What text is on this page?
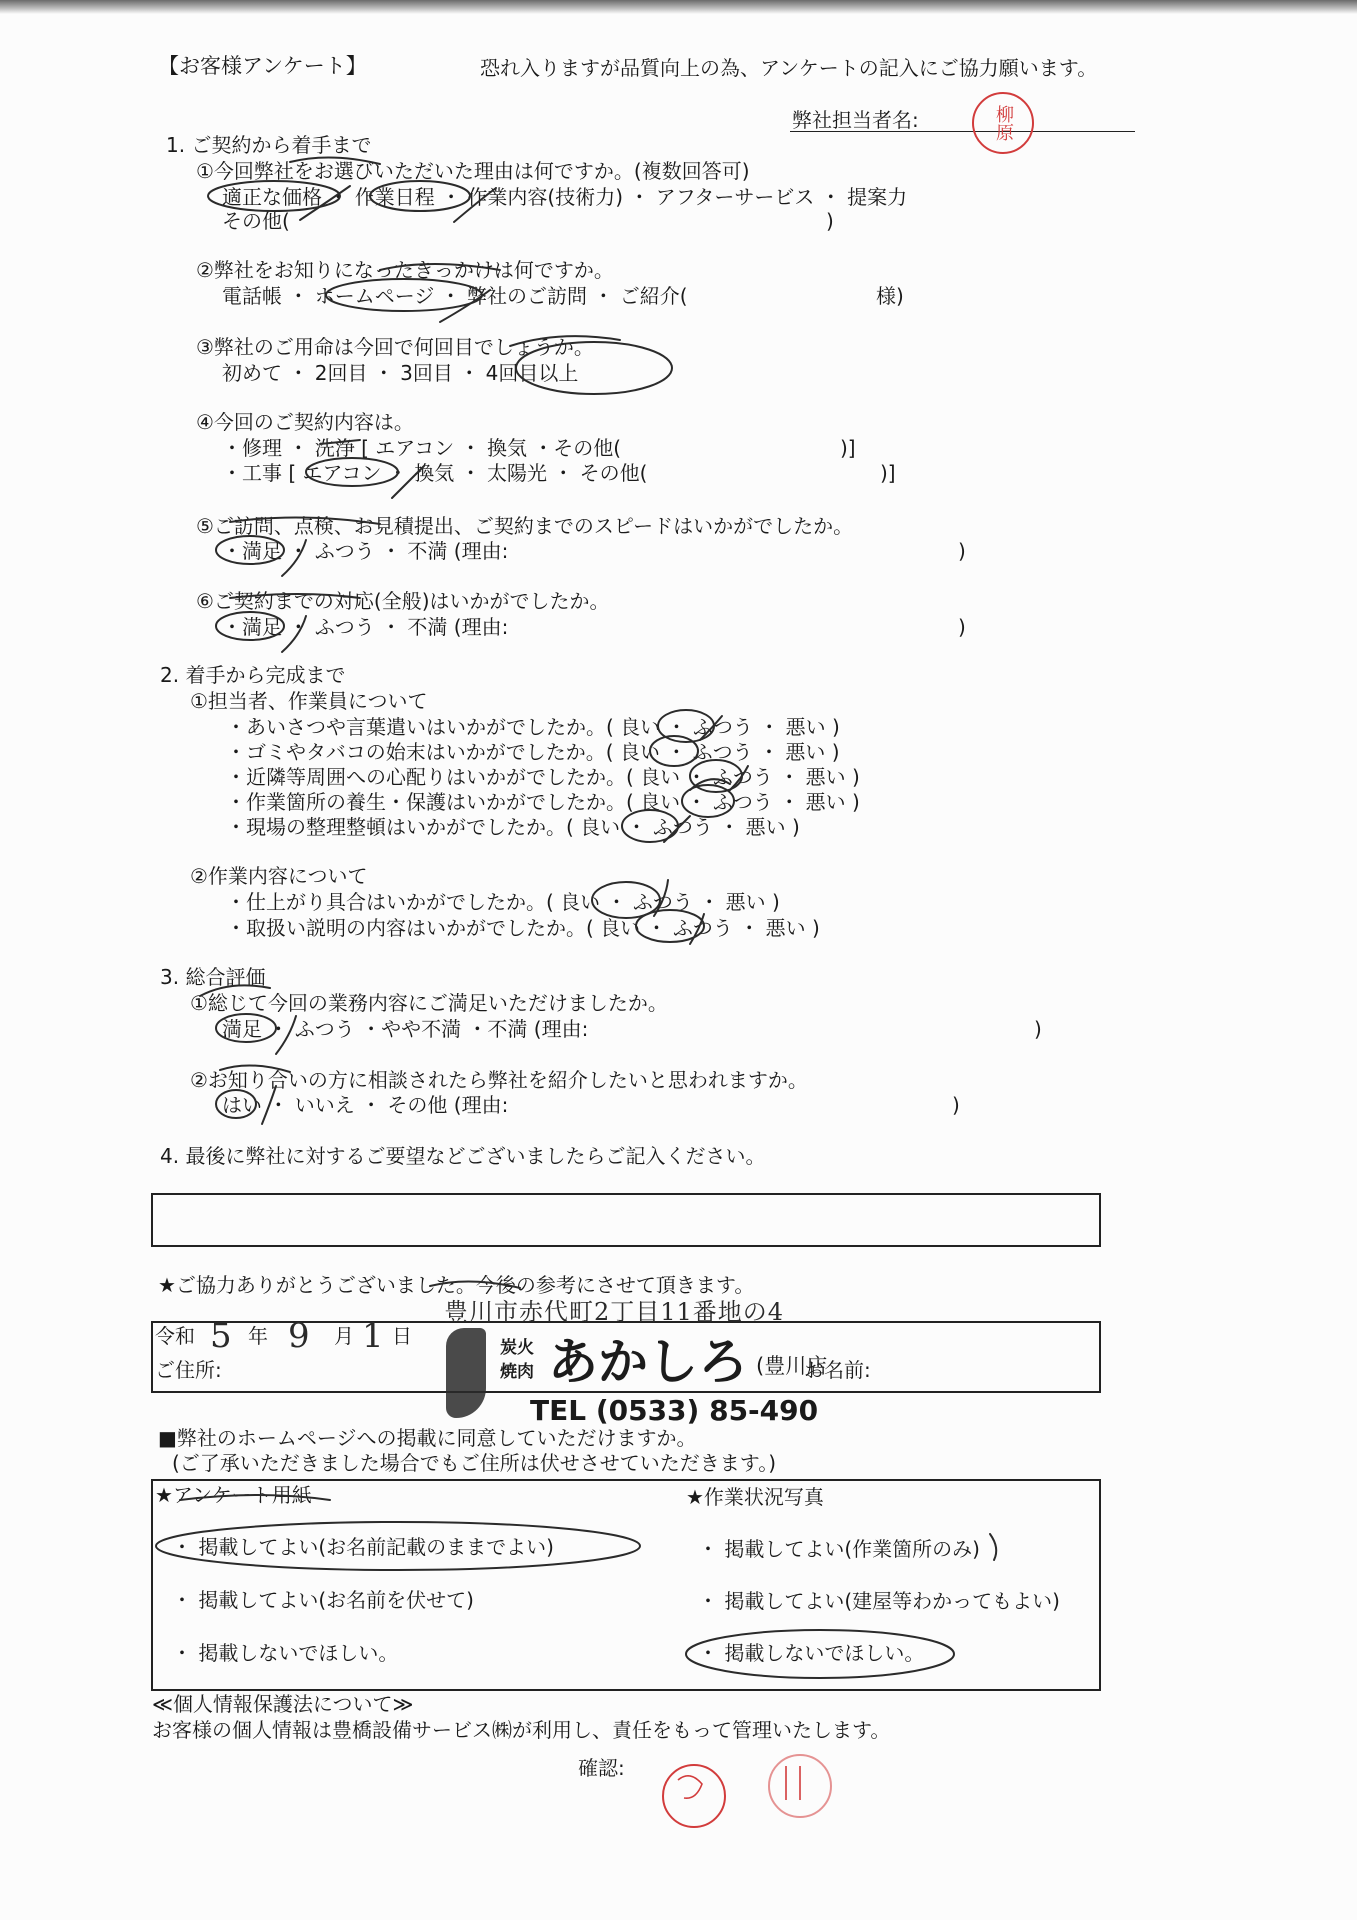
【お客様アンケート】	恐れ入りますが品質向上の為、アンケートの記入にご協力願います。
弊社担当者名:	柳原
1. ご契約から着手まで
①今回弊社をお選びいただいた理由は何ですか。(複数回答可)
適正な価格 ・ 作業日程 ・ 作業内容(技術力) ・ アフターサービス ・ 提案力
その他(	)
②弊社をお知りになったきっかけは何ですか。
電話帳 ・ ホームページ ・ 弊社のご訪問 ・ ご紹介(	様)
③弊社のご用命は今回で何回目でしょうか。
初めて ・ 2回目 ・ 3回目 ・ 4回目以上
④今回のご契約内容は。
・修理 ・ 洗浄 [ エアコン ・ 換気 ・その他(	)]
・工事 [ エアコン ・ 換気 ・ 太陽光 ・ その他(	)]
⑤ご訪問、点検、お見積提出、ご契約までのスピードはいかがでしたか。
・満足 ・ ふつう ・ 不満 (理由:	)
⑥ご契約までの対応(全般)はいかがでしたか。
・満足 ・ ふつう ・ 不満 (理由:	)
2. 着手から完成まで
①担当者、作業員について
・あいさつや言葉遣いはいかがでしたか。( 良い ・ ふつう ・ 悪い )
・ゴミやタバコの始末はいかがでしたか。( 良い ・ ふつう ・ 悪い )
・近隣等周囲への心配りはいかがでしたか。( 良い ・ ふつう ・ 悪い )
・作業箇所の養生・保護はいかがでしたか。( 良い ・ ふつう ・ 悪い )
・現場の整理整頓はいかがでしたか。( 良い ・ ふつう ・ 悪い )
②作業内容について
・仕上がり具合はいかがでしたか。( 良い ・ ふつう ・ 悪い )
・取扱い説明の内容はいかがでしたか。( 良い ・ ふつう ・ 悪い )
3. 総合評価
①総じて今回の業務内容にご満足いただけましたか。
満足 ・ ふつう ・やや不満 ・不満 (理由:	)
②お知り合いの方に相談されたら弊社を紹介したいと思われますか。
はい ・ いいえ ・ その他 (理由:	)
4. 最後に弊社に対するご要望などございましたらご記入ください。
★ご協力ありがとうございました。今後の参考にさせて頂きます。
令和 5 年 9 月 1 日
ご住所:	お名前:
豊川市赤代町2丁目11番地の4
炭火
焼肉 あかしろ (豊川店
TEL (0533) 85-490
■弊社のホームページへの掲載に同意していただけますか。
(ご了承いただきました場合でもご住所は伏せさせていただきます。)
★アンケート用紙
・ 掲載してよい(お名前記載のままでよい)
・ 掲載してよい(お名前を伏せて)
・ 掲載しないでほしい。
★作業状況写真
・ 掲載してよい(作業箇所のみ)
・ 掲載してよい(建屋等わかってもよい)
・ 掲載しないでほしい。
≪個人情報保護法について≫
お客様の個人情報は豊橋設備サービス㈱が利用し、責任をもって管理いたします。
確認:
